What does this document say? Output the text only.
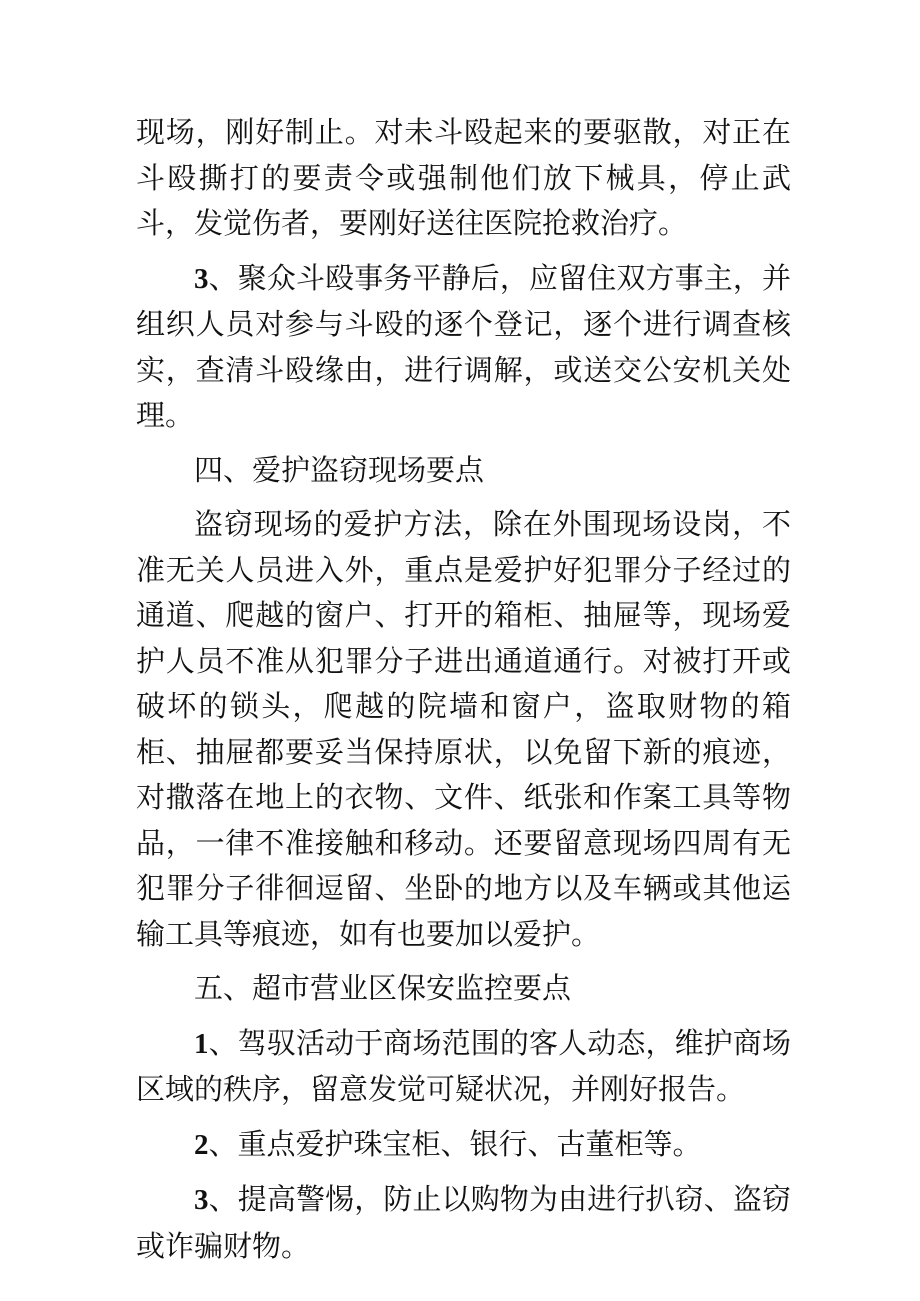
现场，刚好制止。对未斗殴起来的要驱散，对正在斗殴撕打的要责令或强制他们放下械具，停止武斗，发觉伤者，要刚好送往医院抢救治疗。

3、聚众斗殴事务平静后，应留住双方事主，并组织人员对参与斗殴的逐个登记，逐个进行调查核实，查清斗殴缘由，进行调解，或送交公安机关处理。

四、爱护盗窃现场要点

盗窃现场的爱护方法，除在外围现场设岗，不准无关人员进入外，重点是爱护好犯罪分子经过的通道、爬越的窗户、打开的箱柜、抽屉等，现场爱护人员不准从犯罪分子进出通道通行。对被打开或破坏的锁头，爬越的院墙和窗户，盗取财物的箱柜、抽屉都要妥当保持原状，以免留下新的痕迹，对撒落在地上的衣物、文件、纸张和作案工具等物品，一律不准接触和移动。还要留意现场四周有无犯罪分子徘徊逗留、坐卧的地方以及车辆或其他运输工具等痕迹，如有也要加以爱护。

五、超市营业区保安监控要点

1、驾驭活动于商场范围的客人动态，维护商场区域的秩序，留意发觉可疑状况，并刚好报告。

2、重点爱护珠宝柜、银行、古董柜等。

3、提高警惕，防止以购物为由进行扒窃、盗窃或诈骗财物。
